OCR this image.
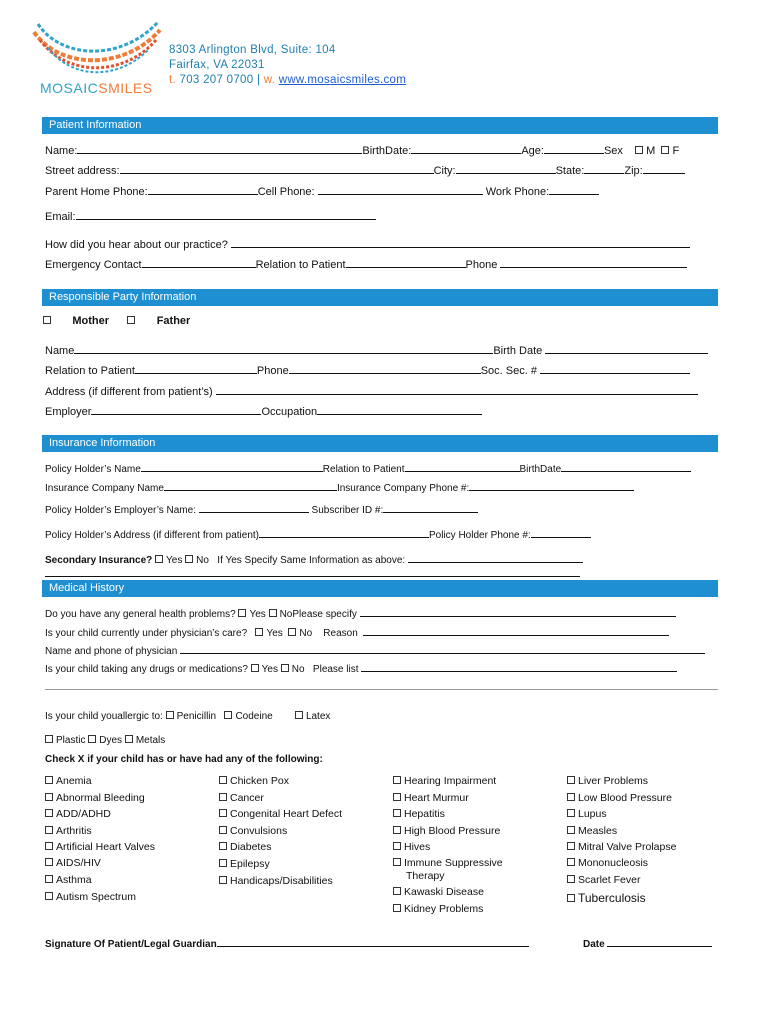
MOSAICSMILES
8303 Arlington Blvd, Suite: 104
Fairfax, VA 22031
t. 703 207 0700 | w. www.mosaicsmiles.com
Patient Information
Name:	BirthDate:	Age:	Sex M F
Street address:	City:	State:	Zip:
Parent Home Phone:	Cell Phone:	Work Phone:
Email:
How did you hear about our practice?
Emergency Contact	Relation to Patient	Phone
Responsible Party Information
Mother	Father
Name	Birth Date
Relation to Patient	Phone	Soc. Sec. #
Address (if different from patient’s)
Employer	Occupation
Insurance Information
Policy Holder’s Name	Relation to Patient	BirthDate
Insurance Company Name	Insurance Company Phone #:
Policy Holder’s Employer’s Name:	Subscriber ID #:
Policy Holder’s Address (if different from patient)	Policy Holder Phone #:
Secondary Insurance? Yes No If Yes Specify Same Information as above:
Medical History
Do you have any general health problems? Yes NoPlease specify
Is your child currently under physician’s care? Yes No Reason
Name and phone of physician
Is your child taking any drugs or medications? Yes No Please list
Is your child youallergic to: Penicillin Codeine	Latex
Plastic Dyes Metals
Check X if your child has or have had any of the following:
Anemia
Abnormal Bleeding
ADD/ADHD
Arthritis
Artificial Heart Valves
AIDS/HIV
Asthma
Autism Spectrum
Chicken Pox
Cancer
Congenital Heart Defect
Convulsions
Diabetes
Epilepsy
Handicaps/Disabilities
Hearing Impairment
Heart Murmur
Hepatitis
High Blood Pressure
Hives
Immune Suppressive
Therapy
Kawaski Disease
Kidney Problems
Liver Problems
Low Blood Pressure
Lupus
Measles
Mitral Valve Prolapse
Mononucleosis
Scarlet Fever
Tuberculosis
Signature Of Patient/Legal Guardian	Date
